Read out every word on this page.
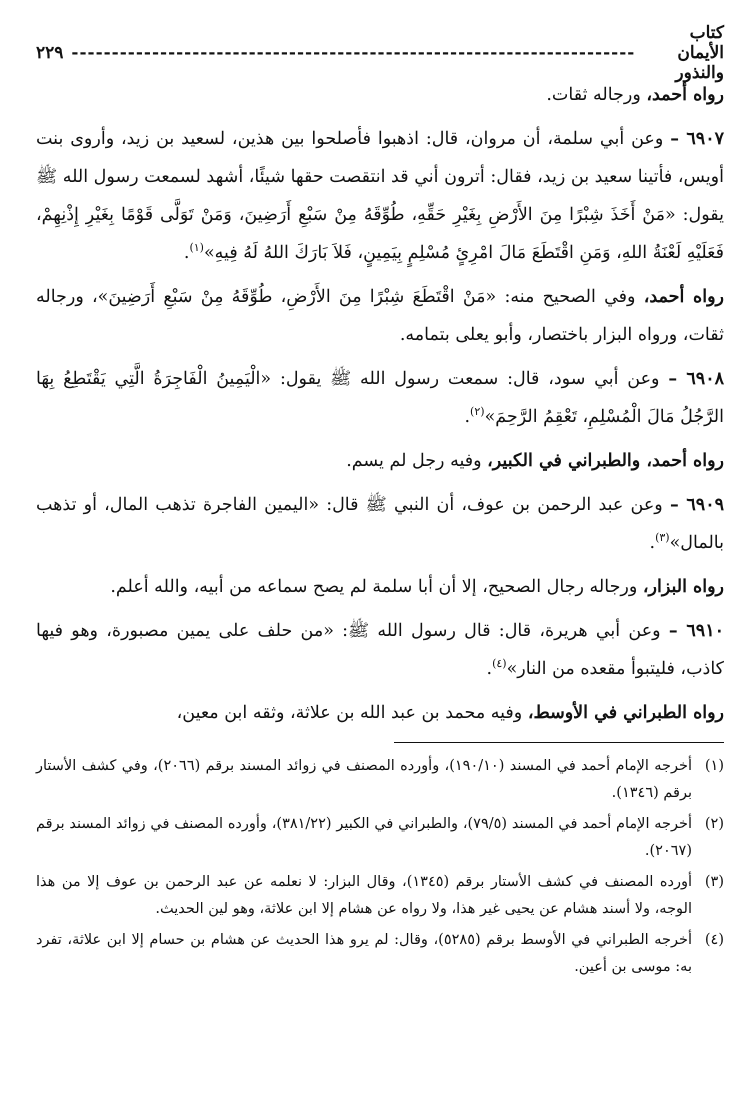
كتاب الأيمان والنذور
----------------------------------------------------------------------
٢٢٩

رواه أحمد، ورجاله ثقات.

٦٩٠٧ – وعن أبي سلمة، أن مروان، قال: اذهبوا فأصلحوا بين هذين، لسعيد بن زيد، وأروى بنت أويس، فأتينا سعيد بن زيد، فقال: أترون أني قد انتقصت حقها شيئًا، أشهد لسمعت رسول الله ﷺ يقول: «مَنْ أَخَذَ شِبْرًا مِنَ الأَرْضِ بِغَيْرِ حَقِّهِ، طُوِّقَهُ مِنْ سَبْعِ أَرَضِينَ، وَمَنْ تَوَلَّى قَوْمًا بِغَيْرِ إِذْنِهِمْ، فَعَلَيْهِ لَعْنَةُ اللهِ، وَمَنِ اقْتَطَعَ مَالَ امْرِئٍ مُسْلِمٍ بِيَمِينٍ، فَلاَ بَارَكَ اللهُ لَهُ فِيهِ»$^{(١)}$.

رواه أحمد، وفي الصحيح منه: «مَنْ اقْتَطَعَ شِبْرًا مِنَ الأَرْضِ، طُوِّقَهُ مِنْ سَبْعِ أَرَضِينَ»، ورجاله ثقات، ورواه البزار باختصار، وأبو يعلى بتمامه.

٦٩٠٨ – وعن أبي سود، قال: سمعت رسول الله ﷺ يقول: «الْيَمِينُ الْفَاجِرَةُ الَّتِي يَقْتَطِعُ بِهَا الرَّجُلُ مَالَ الْمُسْلِمِ، تَعْقِمُ الرَّحِمَ»$^{(٢)}$.

رواه أحمد، والطبراني في الكبير، وفيه رجل لم يسم.

٦٩٠٩ – وعن عبد الرحمن بن عوف، أن النبي ﷺ قال: «اليمين الفاجرة تذهب المال، أو تذهب بالمال»$^{(٣)}$.

رواه البزار، ورجاله رجال الصحيح، إلا أن أبا سلمة لم يصح سماعه من أبيه، والله أعلم.

٦٩١٠ – وعن أبي هريرة، قال: قال رسول الله ﷺ: «من حلف على يمين مصبورة، وهو فيها كاذب، فليتبوأ مقعده من النار»$^{(٤)}$.

رواه الطبراني في الأوسط، وفيه محمد بن عبد الله بن علاثة، وثقه ابن معين،

(١)
أخرجه الإمام أحمد في المسند (١٩٠/١٠)، وأورده المصنف في زوائد المسند برقم (٢٠٦٦)، وفي كشف الأستار برقم (١٣٤٦).

(٢)
أخرجه الإمام أحمد في المسند (٧٩/٥)، والطبراني في الكبير (٣٨١/٢٢)، وأورده المصنف في زوائد المسند برقم (٢٠٦٧).

(٣)
أورده المصنف في كشف الأستار برقم (١٣٤٥)، وقال البزار: لا نعلمه عن عبد الرحمن بن عوف إلا من هذا الوجه، ولا أسند هشام عن يحيى غير هذا، ولا رواه عن هشام إلا ابن علاثة، وهو لين الحديث.

(٤)
أخرجه الطبراني في الأوسط برقم (٥٢٨٥)، وقال: لم يرو هذا الحديث عن هشام بن حسام إلا ابن علاثة، تفرد به: موسى بن أعين.
